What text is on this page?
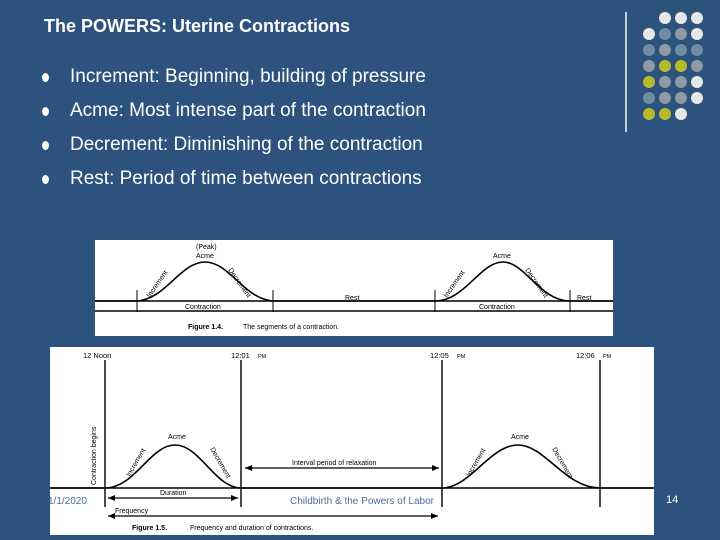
The POWERS: Uterine Contractions
Increment: Beginning, building of pressure
Acme: Most intense part of the contraction
Decrement: Diminishing of the contraction
Rest: Period of time between contractions
(Peak)
Acme
Increment	Decrement	Rest
Contraction
Acme
Increment	Decrement	Rest
Contraction
Figure 1.4.	The segments of a contraction.
12 Noon	12:01 PM	12:05 PM	12:06 PM
Contraction begins	Acme
Increment	Decrement
Acme
Increment	Decrement
Interval period of relaxation
Duration
Frequency
Figure 1.5.	Frequency and duration of contractions.
1/1/2020	Childbirth & the Powers of Labor	14
